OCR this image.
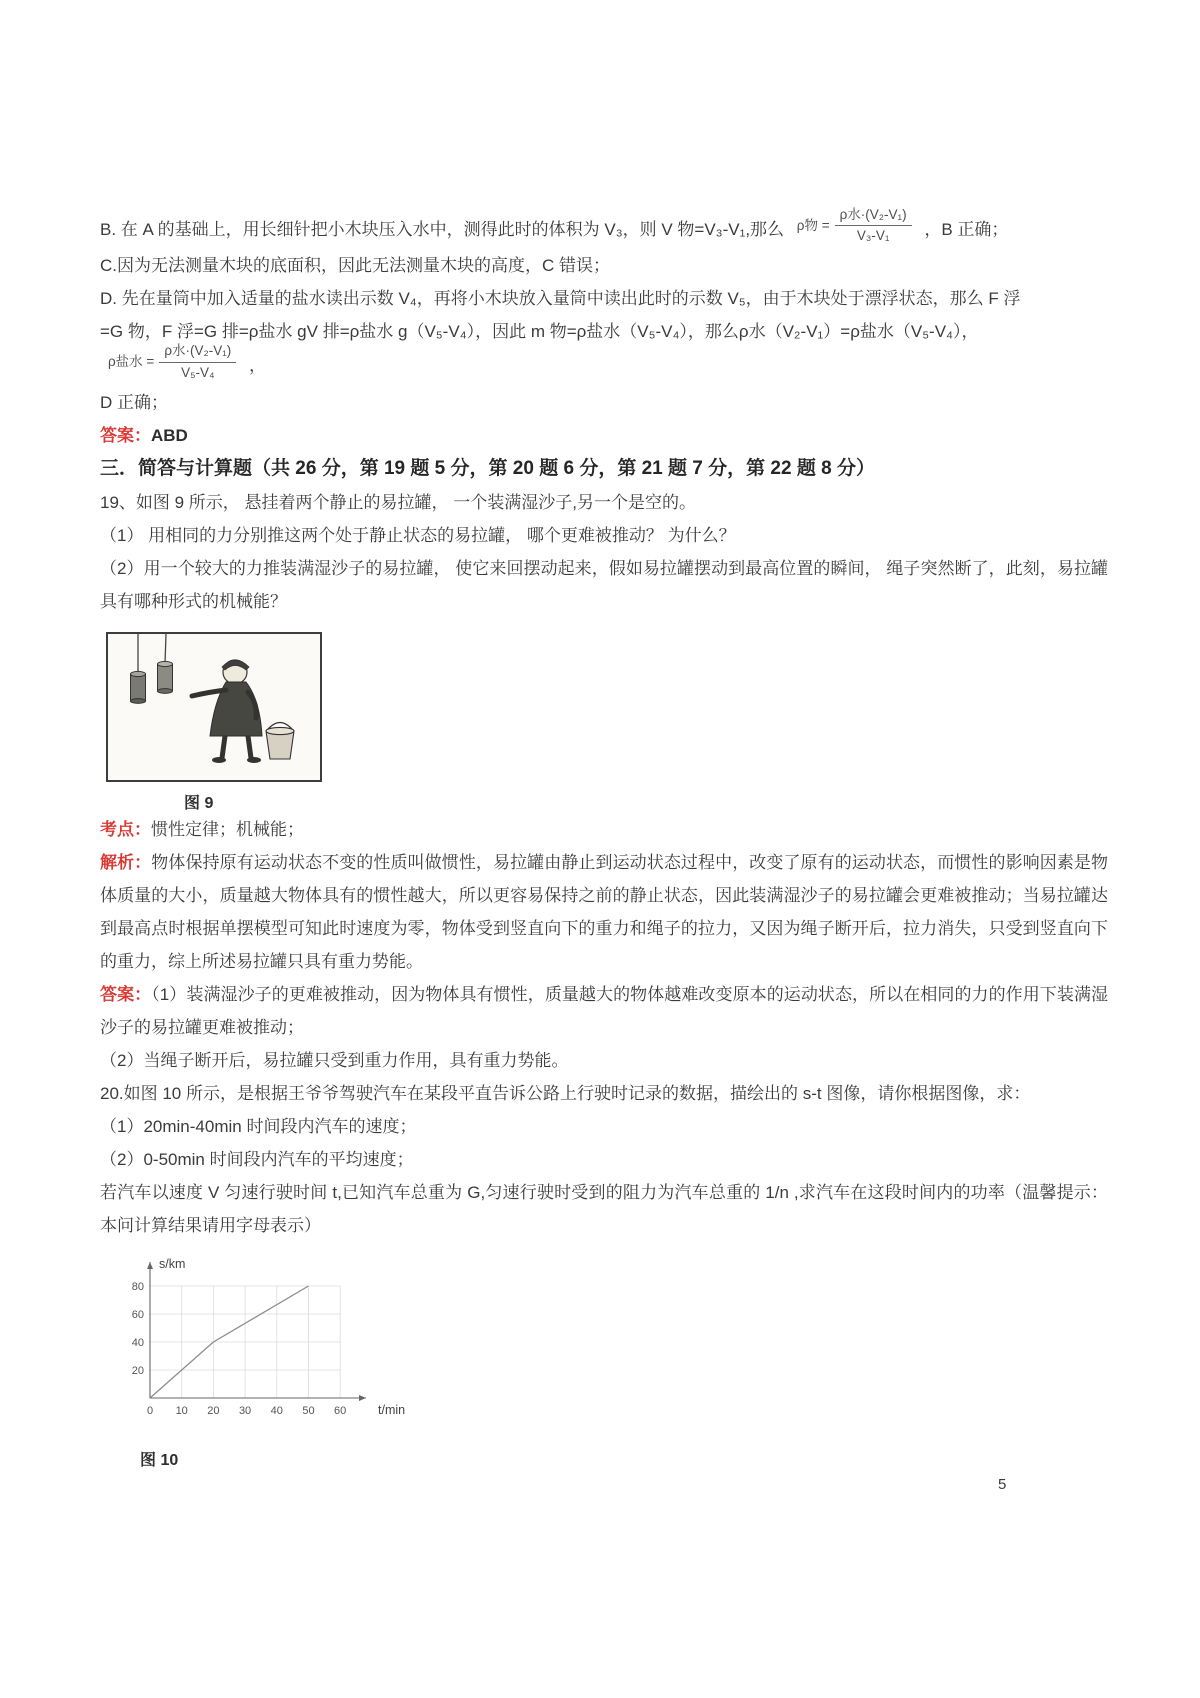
B. 在 A 的基础上，用长细针把小木块压入水中，测得此时的体积为 V₃，则 V 物=V₃-V₁,那么 ρ物 = $\frac{\text{ρ水·(V₂-V₁)}}{\text{V₃-V₁}}$ ，B 正确；

C.因为无法测量木块的底面积，因此无法测量木块的高度，C 错误；

D. 先在量筒中加入适量的盐水读出示数 V₄，再将小木块放入量筒中读出此时的示数 V₅，由于木块处于漂浮状态，那么 F 浮

=G 物，F 浮=G 排=ρ盐水 gV 排=ρ盐水 g（V₅-V₄），因此 m 物=ρ盐水（V₅-V₄），那么ρ水（V₂-V₁）=ρ盐水（V₅-V₄），
ρ盐水 = $\frac{\text{ρ水·(V₂-V₁)}}{\text{V₅-V₄}}$ ，

D 正确；

答案：ABD

三．简答与计算题（共 26 分，第 19 题 5 分，第 20 题 6 分，第 21 题 7 分，第 22 题 8 分）

19、如图 9 所示， 悬挂着两个静止的易拉罐， 一个装满湿沙子,另一个是空的。

（1） 用相同的力分别推这两个处于静止状态的易拉罐， 哪个更难被推动？ 为什么？

（2）用一个较大的力推装满湿沙子的易拉罐， 使它来回摆动起来，假如易拉罐摆动到最高位置的瞬间， 绳子突然断了，此刻，易拉罐具有哪种形式的机械能？

图 9

考点：惯性定律；机械能；

解析：物体保持原有运动状态不变的性质叫做惯性，易拉罐由静止到运动状态过程中，改变了原有的运动状态，而惯性的影响因素是物体质量的大小，质量越大物体具有的惯性越大，所以更容易保持之前的静止状态，因此装满湿沙子的易拉罐会更难被推动；当易拉罐达到最高点时根据单摆模型可知此时速度为零，物体受到竖直向下的重力和绳子的拉力，又因为绳子断开后，拉力消失，只受到竖直向下的重力，综上所述易拉罐只具有重力势能。

答案：（1）装满湿沙子的更难被推动，因为物体具有惯性，质量越大的物体越难改变原本的运动状态，所以在相同的力的作用下装满湿沙子的易拉罐更难被推动；

（2）当绳子断开后，易拉罐只受到重力作用，具有重力势能。

20.如图 10 所示，是根据王爷爷驾驶汽车在某段平直告诉公路上行驶时记录的数据，描绘出的 s-t 图像，请你根据图像，求：

（1）20min-40min 时间段内汽车的速度；

（2）0-50min 时间段内汽车的平均速度；

若汽车以速度 V 匀速行驶时间 t,已知汽车总重为 G,匀速行驶时受到的阻力为汽车总重的 1/n ,求汽车在这段时间内的功率（温馨提示：本问计算结果请用字母表示）

0 10 20 30 40 50 60
20
40
60
80
s/km
t/min
图 10
5
